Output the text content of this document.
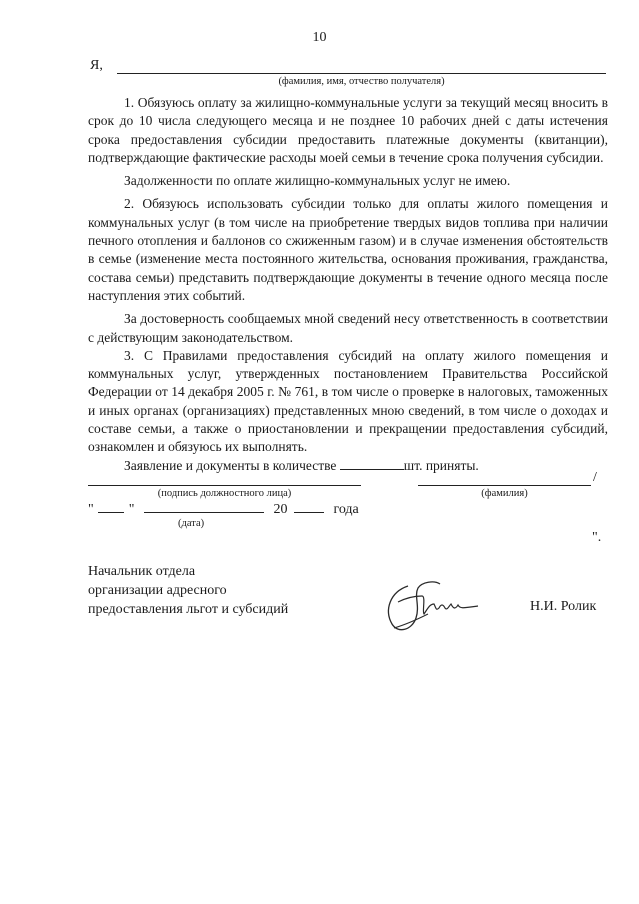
10
Я,
(фамилия, имя, отчество получателя)

1. Обязуюсь оплату за жилищно-коммунальные услуги за текущий месяц вносить в срок до 10 числа следующего месяца и не позднее 10 рабочих дней с даты истечения срока предоставления субсидии предоставить платежные документы (квитанции), подтверждающие фактические расходы моей семьи в течение срока получения субсидии.

Задолженности по оплате жилищно-коммунальных услуг не имею.

2. Обязуюсь использовать субсидии только для оплаты жилого помещения и коммунальных услуг (в том числе на приобретение твердых видов топлива при наличии печного отопления и баллонов со сжиженным газом) и в случае изменения обстоятельств в семье (изменение места постоянного жительства, основания проживания, гражданства, состава семьи) представить подтверждающие документы в течение одного месяца после наступления этих событий.

За достоверность сообщаемых мной сведений несу ответственность в соответствии с действующим законодательством.

3. С Правилами предоставления субсидий на оплату жилого помещения и коммунальных услуг, утвержденных постановлением Правительства Российской Федерации от 14 декабря 2005 г. № 761, в том числе о проверке в налоговых, таможенных и иных органах (организациях) представленных мною сведений, в том числе о доходах и составе семьи, а также о приостановлении и прекращении предоставления субсидий, ознакомлен и обязуюсь их выполнять.

Заявление и документы в количестве	шт. приняты.

/
(подпись должностного лица)	(фамилия)
"	"	20	года
(дата)
".
Начальник отдела
организации адресного
предоставления льгот и субсидий	Н.И. Ролик
